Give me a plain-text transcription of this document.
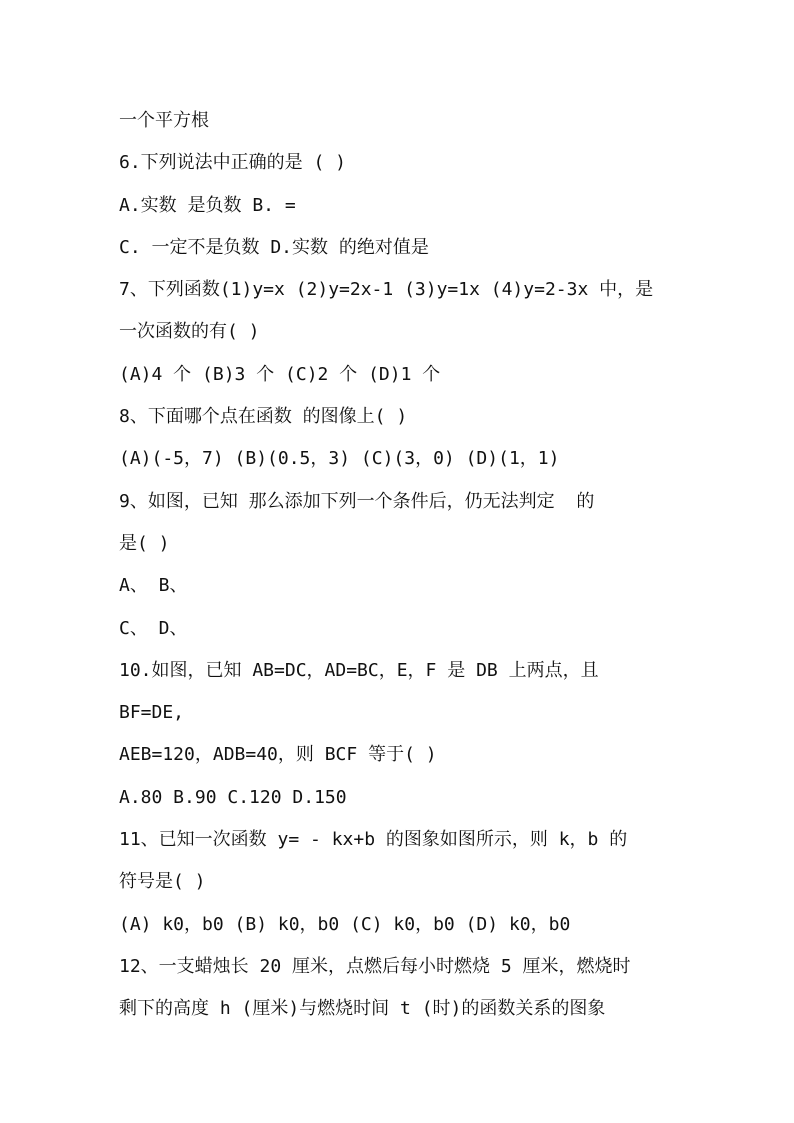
一个平方根
6.下列说法中正确的是 ( )
A.实数 是负数 B. =
C. 一定不是负数 D.实数 的绝对值是
7、下列函数(1)y=x (2)y=2x-1 (3)y=1x (4)y=2-3x 中，是
一次函数的有( )
(A)4 个 (B)3 个 (C)2 个 (D)1 个
8、下面哪个点在函数 的图像上( )
(A)(-5，7) (B)(0.5，3) (C)(3，0) (D)(1，1)
9、如图，已知 那么添加下列一个条件后，仍无法判定  的
是( )
A、 B、
C、 D、
10.如图，已知 AB=DC，AD=BC，E，F 是 DB 上两点，且
BF=DE,
AEB=120，ADB=40，则 BCF 等于( )
A.80 B.90 C.120 D.150
11、已知一次函数 y= - kx+b 的图象如图所示，则 k，b 的
符号是( )
(A) k0，b0 (B) k0，b0 (C) k0，b0 (D) k0，b0
12、一支蜡烛长 20 厘米，点燃后每小时燃烧 5 厘米，燃烧时
剩下的高度 h (厘米)与燃烧时间 t (时)的函数关系的图象
